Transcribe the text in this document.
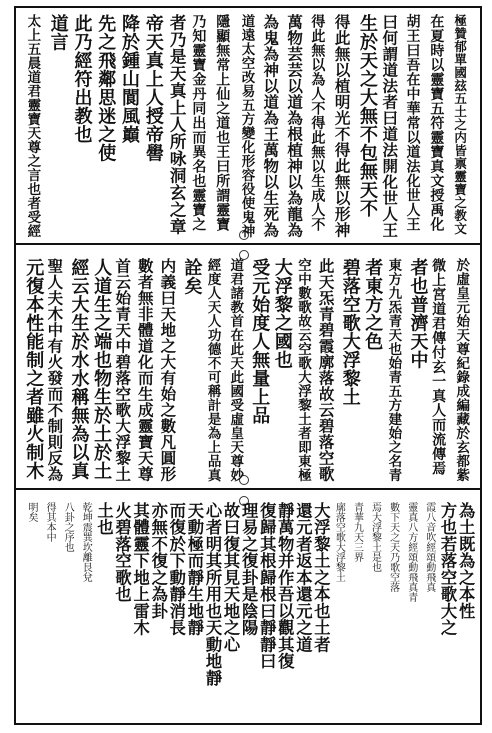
極贊郁單國玆五土之内皆禀靈寶之教文
在夏時以靈寶五符靈寶真文授禹化
胡王曰吾在中華常以道法化世人王
曰何謂道法者曰道法開化世人王
生於天之大無不包無天不
得此無以植明光不得此無以形神
得此無以為人不得此無以生成人不
萬物芸芸以道為根植神以為龍為
為鬼為神以道為王萬物以生死為
道遠太空改易五方變化形容役使鬼神
隱顯無常上仙之道也王曰所謂靈寶
乃知靈寶金丹同出而異名也靈寶之
者乃是天真上人所咏洞玄之章
帝天真上人授帝嚳
降於鍾山閬風巔
先之飛鄰思迷之使
此乃經符出教也
道言
太上五晨道君靈寶天尊之言也者受經
於虛皇元始天尊紀錄成編藏於玄都紫
微上宮道君傳付玄一真人而流傳焉
者也普濟天中
東方九炁青天也始青五方建始之名青
者東方之色
碧落空歌大浮黎土
此天炁青碧霞廓落故云碧落空歌
空中數歌故云空歌大浮黎土者即東極
大浮黎之國也
受元始度人無量上品
道君諸教首在此天此國受虛皇天尊妙
經度人天人功德不可稱計是為上品真
詮矣
内義曰天地之大有始之數凡圓形
數者無非體道化而生成靈寶天尊
首云始青天中碧落空歌大浮黎土
人道生之端也物生於土於土
經云大生於水水稱無為以真
聖人夫木中有火發而不制則反為
元復本性能制之者雖火制木
為土既為之本性
方也若落空歌大之
霞八音吹經頌動飛真
靈真八方經頌動飛真青
數下天之天乃歌空落
焉大浮黎土是也
青華九天三界
廓落空歌大浮黎土
大浮黎土之本也土者
還元者返本還元之道
靜萬物并作吾以觀其復
復歸其根歸根曰靜靜曰
理易之復卦是陰陽
故曰復其見天地之心
心者明其所用也天動地靜
天動極而靜生地靜
而復於下動靜消長
亦無不復之為卦
其體靈下地上雷木
火碧落空歌也
土也
乾坤震巽坎離艮兌
八卦之序也
得其本中
明矣
